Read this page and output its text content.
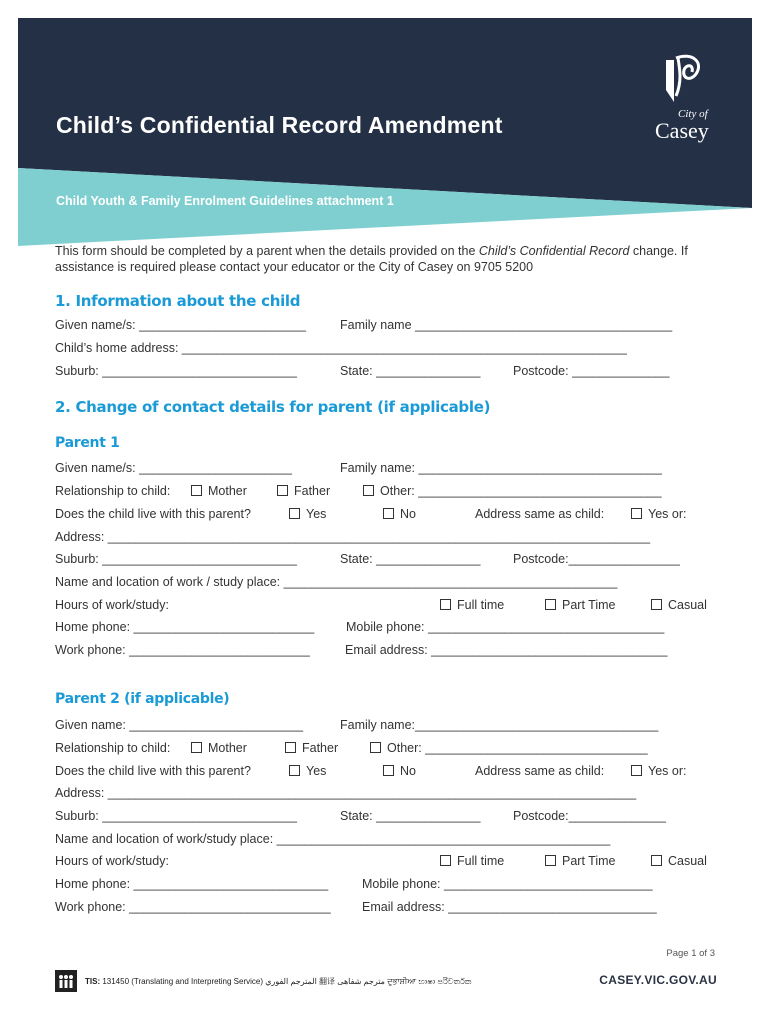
Child’s Confidential Record Amendment
Child Youth & Family Enrolment Guidelines attachment 1
City of
Casey
This form should be completed by a parent when the details provided on the Child’s Confidential Record change. If assistance is required please contact your educator or the City of Casey on 9705 5200
1. Information about the child
Given name/s: ________________________	Family name _____________________________________
Child’s home address: ________________________________________________________________
Suburb: ____________________________	State: _______________	Postcode: ______________
2. Change of contact details for parent (if applicable)
Parent 1
Given name/s: ______________________	Family name: ___________________________________
Relationship to child:	Mother	Father	Other: ___________________________________
Does the child live with this parent?	Yes	No	Address same as child:	Yes or:
Address: ______________________________________________________________________________
Suburb: ____________________________	State: _______________	Postcode:________________
Name and location of work / study place: ________________________________________________
Hours of work/study:	Full time	Part Time	Casual
Home phone: __________________________	Mobile phone: __________________________________
Work phone: __________________________	Email address: __________________________________
Parent 2 (if applicable)
Given name: _________________________	Family name:___________________________________
Relationship to child:	Mother	Father	Other: ________________________________
Does the child live with this parent?	Yes	No	Address same as child:	Yes or:
Address: ____________________________________________________________________________
Suburb: ____________________________	State: _______________	Postcode:______________
Name and location of work/study place: ________________________________________________
Hours of work/study:	Full time	Part Time	Casual
Home phone: ____________________________	Mobile phone: ______________________________
Work phone: _____________________________	Email address: ______________________________
Page 1 of 3
TIS: 131450 (Translating and Interpreting Service) المترجم الفوري 翻译 مترجم شفاهی ਦੁਭਾਸ਼ੀਆ භාෂා පරිවර්තක	CASEY.VIC.GOV.AU
